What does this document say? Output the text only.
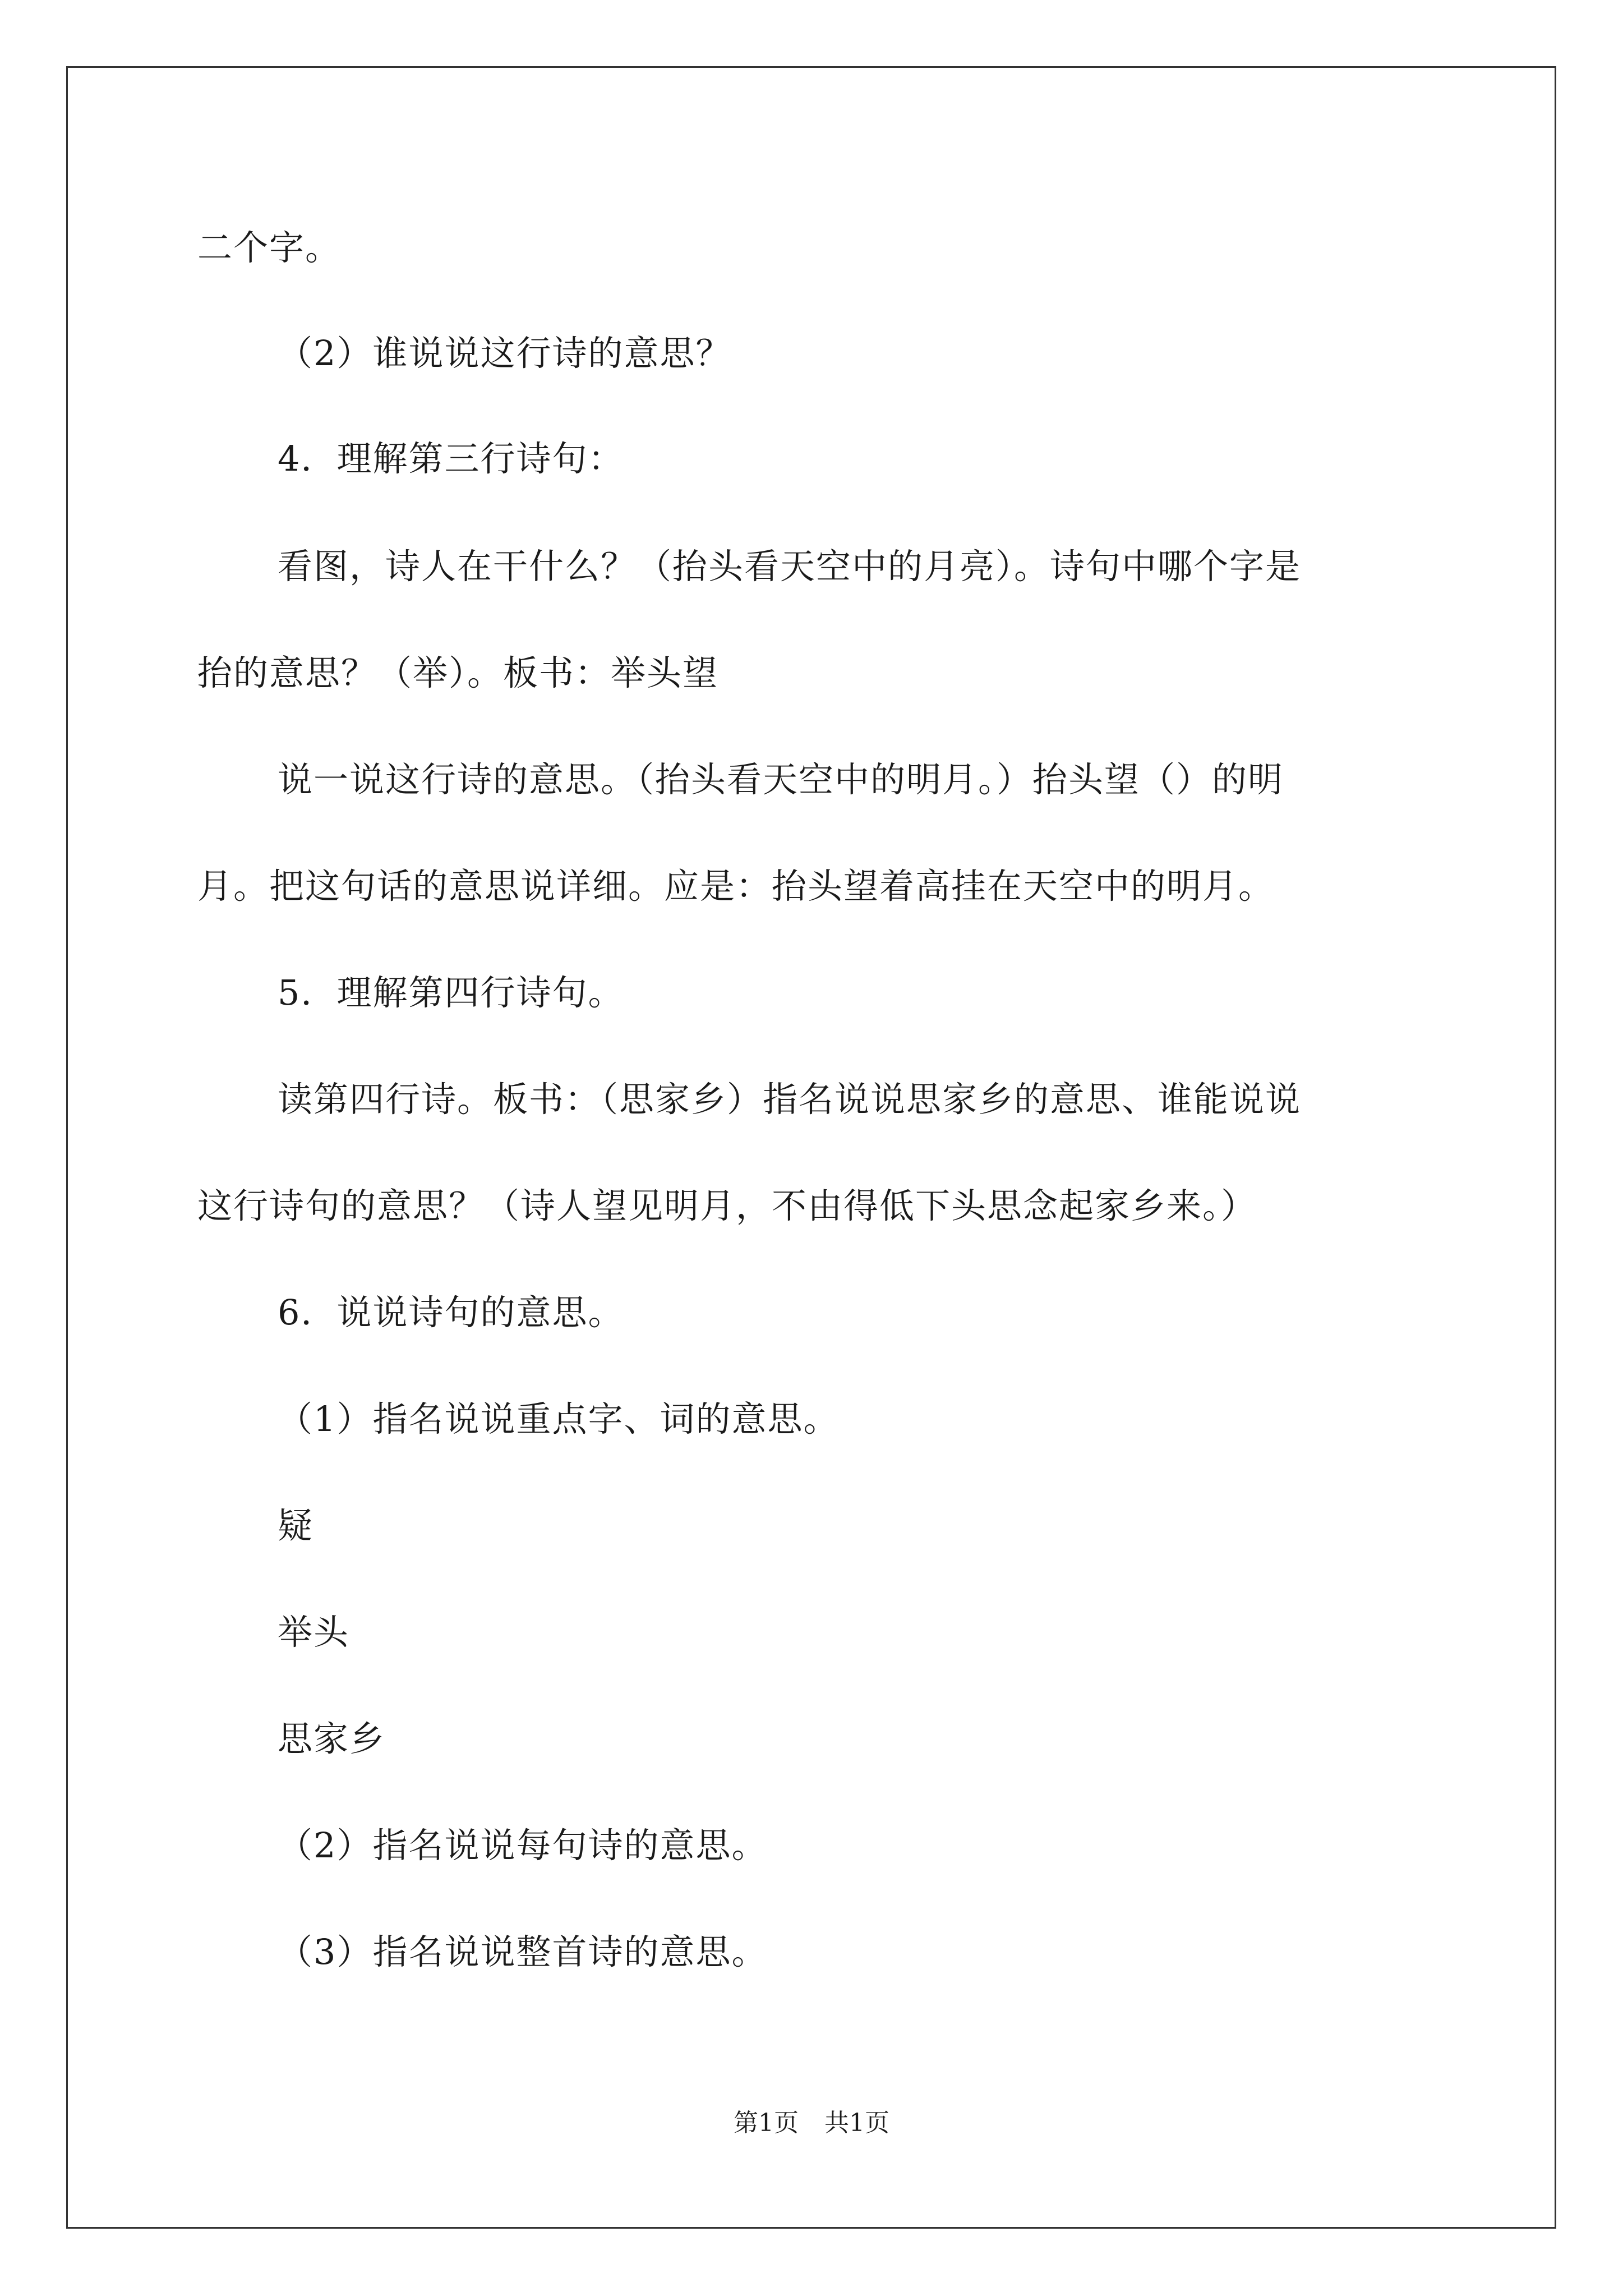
二个字。
（2）谁说说这行诗的意思？
4．理解第三行诗句：
看图，诗人在干什么？（抬头看天空中的月亮）。诗句中哪个字是
抬的意思？（举）。板书：举头望
说一说这行诗的意思。（抬头看天空中的明月。）抬头望（）的明
月。把这句话的意思说详细。应是：抬头望着高挂在天空中的明月。
5．理解第四行诗句。
读第四行诗。板书：（思家乡）指名说说思家乡的意思、谁能说说
这行诗句的意思？（诗人望见明月，不由得低下头思念起家乡来。）
6．说说诗句的意思。
（1）指名说说重点字、词的意思。
疑
举头
思家乡
（2）指名说说每句诗的意思。
（3）指名说说整首诗的意思。
第1页 共1页
